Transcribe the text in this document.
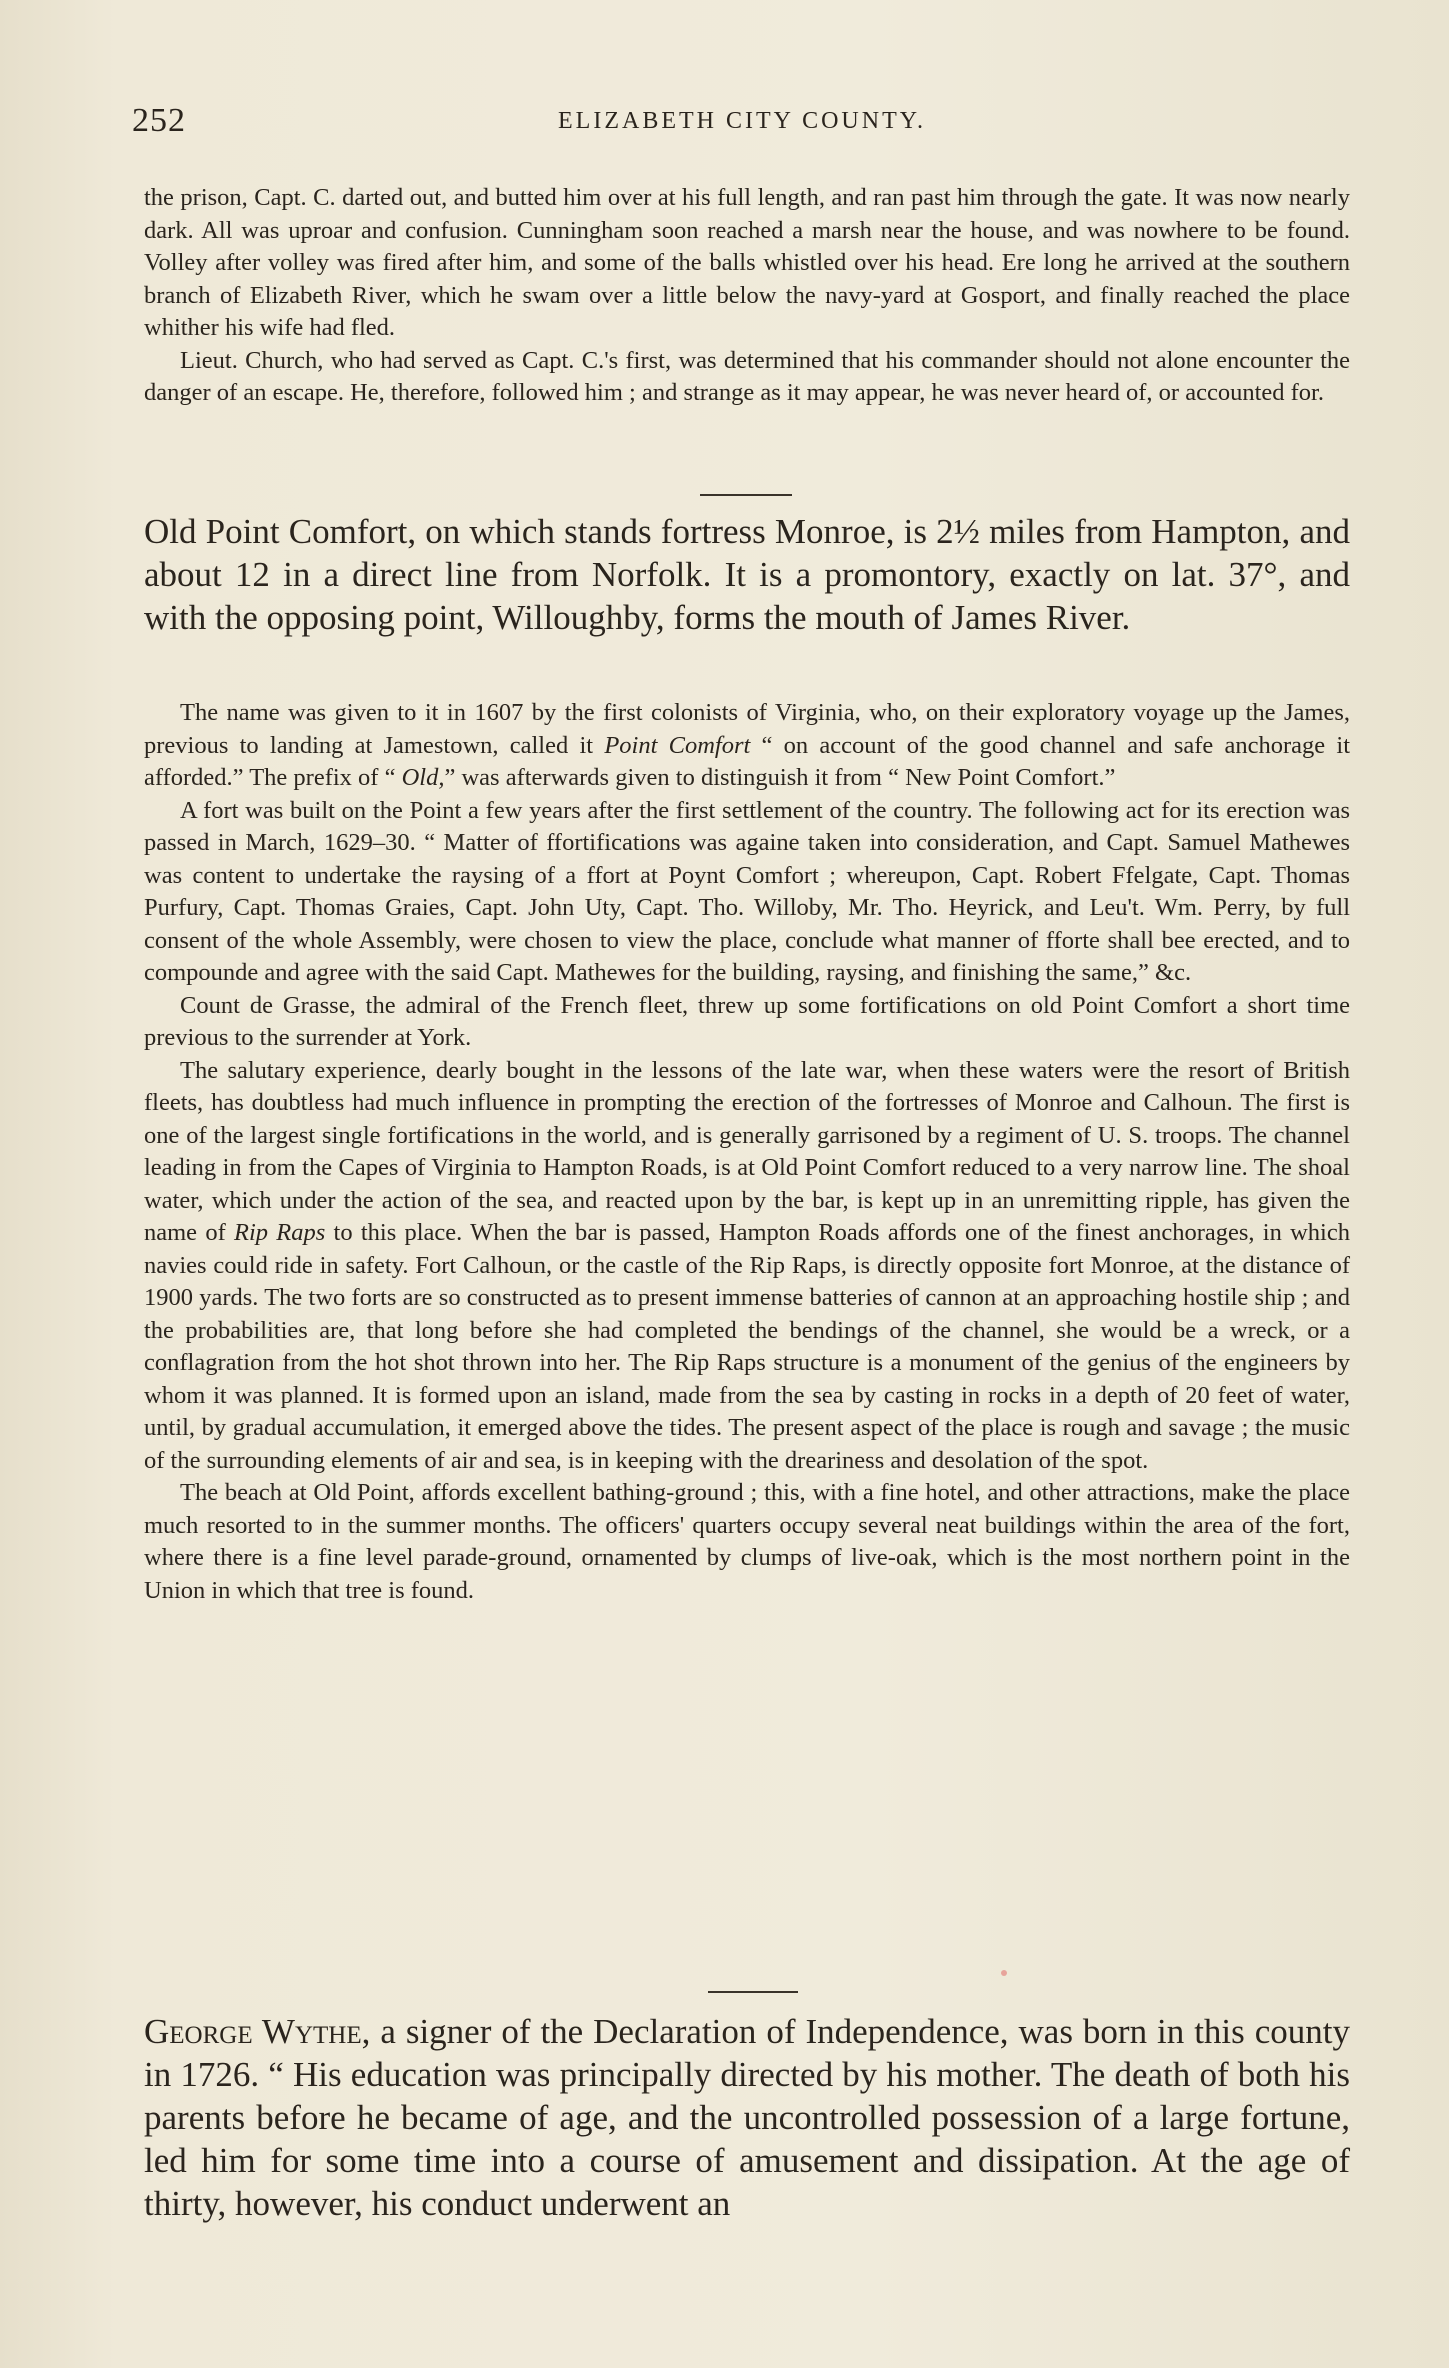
252	ELIZABETH CITY COUNTY.

the prison, Capt. C. darted out, and butted him over at his full length, and ran past him through the gate. It was now nearly dark. All was uproar and confusion. Cunningham soon reached a marsh near the house, and was nowhere to be found. Volley after volley was fired after him, and some of the balls whistled over his head. Ere long he arrived at the southern branch of Elizabeth River, which he swam over a little below the navy-yard at Gosport, and finally reached the place whither his wife had fled.

Lieut. Church, who had served as Capt. C.'s first, was determined that his commander should not alone encounter the danger of an escape. He, therefore, followed him ; and strange as it may appear, he was never heard of, or accounted for.

Old Point Comfort, on which stands fortress Monroe, is 2½ miles from Hampton, and about 12 in a direct line from Norfolk. It is a promontory, exactly on lat. 37°, and with the opposing point, Willoughby, forms the mouth of James River.

The name was given to it in 1607 by the first colonists of Virginia, who, on their exploratory voyage up the James, previous to landing at Jamestown, called it Point Comfort “ on account of the good channel and safe anchorage it afforded.” The prefix of “ Old,” was afterwards given to distinguish it from “ New Point Comfort.”

A fort was built on the Point a few years after the first settlement of the country. The following act for its erection was passed in March, 1629–30. “ Matter of ffortifications was againe taken into consideration, and Capt. Samuel Mathewes was content to undertake the raysing of a ffort at Poynt Comfort ; whereupon, Capt. Robert Ffelgate, Capt. Thomas Purfury, Capt. Thomas Graies, Capt. John Uty, Capt. Tho. Willoby, Mr. Tho. Heyrick, and Leu't. Wm. Perry, by full consent of the whole Assembly, were chosen to view the place, conclude what manner of fforte shall bee erected, and to compounde and agree with the said Capt. Mathewes for the building, raysing, and finishing the same,” &c.

Count de Grasse, the admiral of the French fleet, threw up some fortifications on old Point Comfort a short time previous to the surrender at York.

The salutary experience, dearly bought in the lessons of the late war, when these waters were the resort of British fleets, has doubtless had much influence in prompting the erection of the fortresses of Monroe and Calhoun. The first is one of the largest single fortifications in the world, and is generally garrisoned by a regiment of U. S. troops. The channel leading in from the Capes of Virginia to Hampton Roads, is at Old Point Comfort reduced to a very narrow line. The shoal water, which under the action of the sea, and reacted upon by the bar, is kept up in an unremitting ripple, has given the name of Rip Raps to this place. When the bar is passed, Hampton Roads affords one of the finest anchorages, in which navies could ride in safety. Fort Calhoun, or the castle of the Rip Raps, is directly opposite fort Monroe, at the distance of 1900 yards. The two forts are so constructed as to present immense batteries of cannon at an approaching hostile ship ; and the probabilities are, that long before she had completed the bendings of the channel, she would be a wreck, or a conflagration from the hot shot thrown into her. The Rip Raps structure is a monument of the genius of the engineers by whom it was planned. It is formed upon an island, made from the sea by casting in rocks in a depth of 20 feet of water, until, by gradual accumulation, it emerged above the tides. The present aspect of the place is rough and savage ; the music of the surrounding elements of air and sea, is in keeping with the dreariness and desolation of the spot.

The beach at Old Point, affords excellent bathing-ground ; this, with a fine hotel, and other attractions, make the place much resorted to in the summer months. The officers' quarters occupy several neat buildings within the area of the fort, where there is a fine level parade-ground, ornamented by clumps of live-oak, which is the most northern point in the Union in which that tree is found.

George Wythe, a signer of the Declaration of Independence, was born in this county in 1726. “ His education was principally directed by his mother. The death of both his parents before he became of age, and the uncontrolled possession of a large fortune, led him for some time into a course of amusement and dissipation. At the age of thirty, however, his conduct underwent an
